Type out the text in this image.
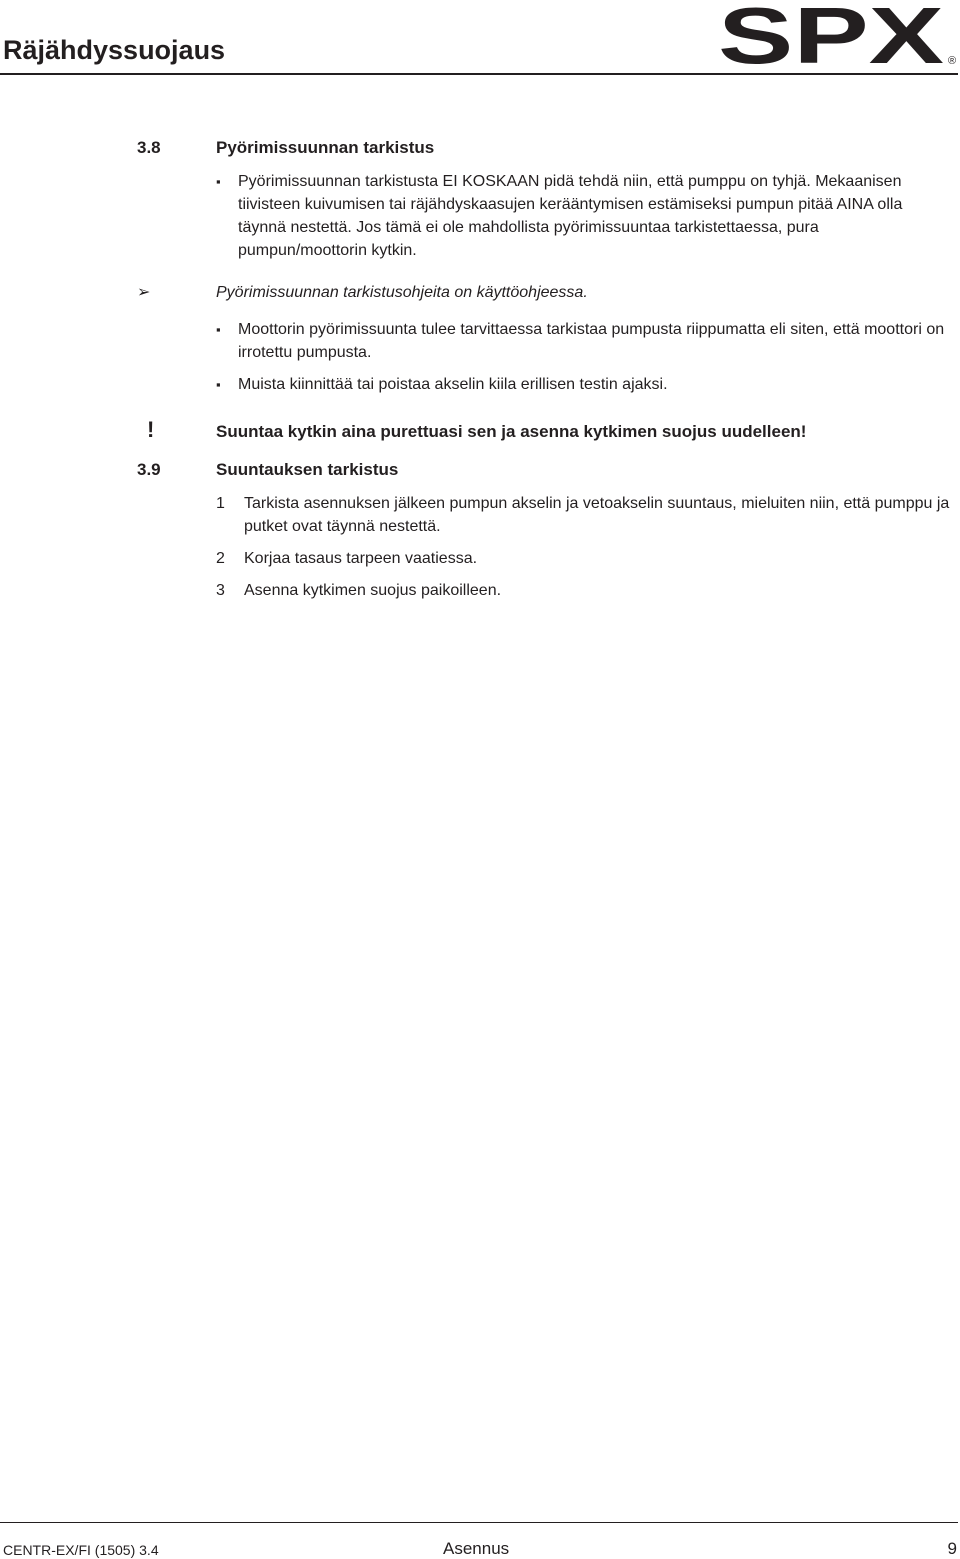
Räjähdyssuojaus	SPX ®
3.8	Pyörimissuunnan tarkistus
▪ Pyörimissuunnan tarkistusta EI KOSKAAN pidä tehdä niin, että pumppu on tyhjä. Mekaanisen tiivisteen kuivumisen tai räjähdyskaasujen kerääntymisen estämiseksi pumpun pitää AINA olla täynnä nestettä. Jos tämä ei ole mahdollista pyörimissuuntaa tarkistettaessa, pura pumpun/moottorin kytkin.
➢	Pyörimissuunnan tarkistusohjeita on käyttöohjeessa.
▪ Moottorin pyörimissuunta tulee tarvittaessa tarkistaa pumpusta riippumatta eli siten, että moottori on irrotettu pumpusta.
▪ Muista kiinnittää tai poistaa akselin kiila erillisen testin ajaksi.
!	Suuntaa kytkin aina purettuasi sen ja asenna kytkimen suojus uudelleen!
3.9	Suuntauksen tarkistus
1 Tarkista asennuksen jälkeen pumpun akselin ja vetoakselin suuntaus, mieluiten niin, että pumppu ja putket ovat täynnä nestettä.
2 Korjaa tasaus tarpeen vaatiessa.
3 Asenna kytkimen suojus paikoilleen.
CENTR-EX/FI (1505) 3.4	Asennus	9
